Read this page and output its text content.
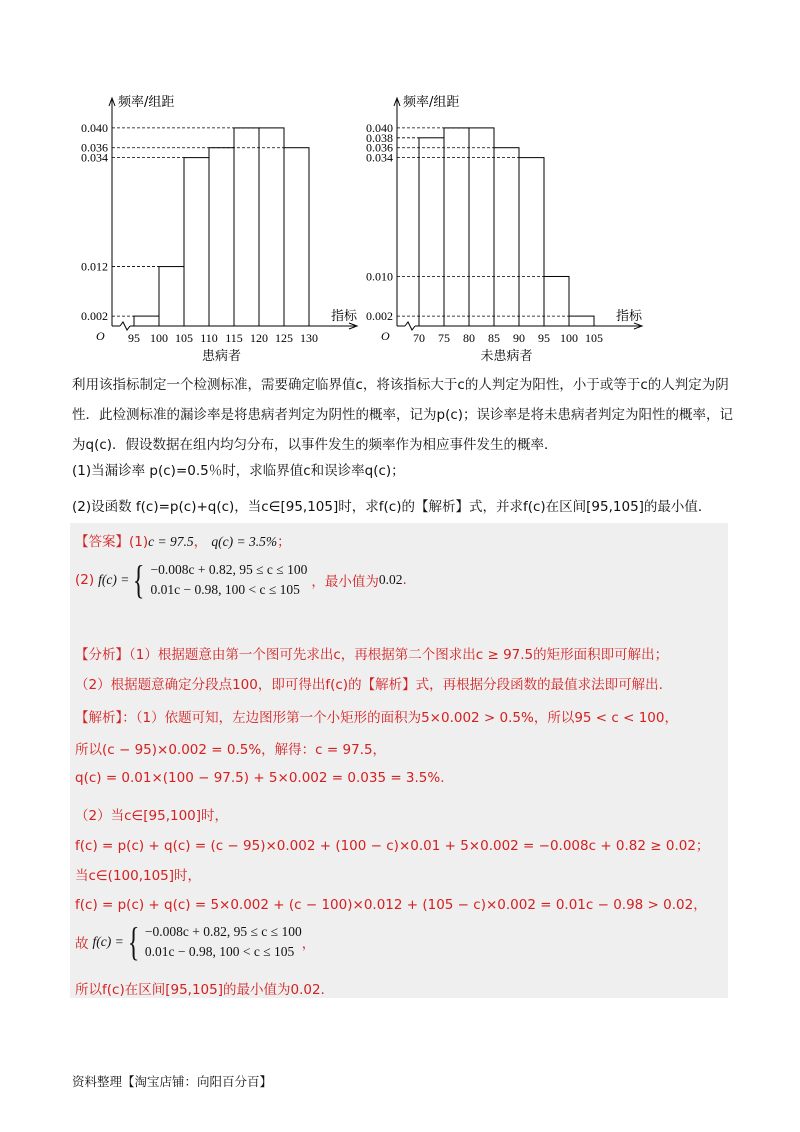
频率/组距
指标
O
0.040
0.036
0.034
0.012
0.002
95 100 105 110 115 120 125 130
患病者
频率/组距
指标
O
0.040
0.038
0.036
0.034
0.010
0.002
70 75 80 85 90 95 100 105
未患病者

利用该指标制定一个检测标准，需要确定临界值c，将该指标大于c的人判定为阳性，小于或等于c的人判定为阴性．此检测标准的漏诊率是将患病者判定为阴性的概率，记为p(c)；误诊率是将未患病者判定为阳性的概率，记为q(c)．假设数据在组内均匀分布，以事件发生的频率作为相应事件发生的概率．

(1)当漏诊率 p(c)=0.5％时，求临界值c和误诊率q(c)；

(2)设函数 f(c)=p(c)+q(c)，当c∈[95,105]时，求f(c)的【解析】式，并求f(c)在区间[95,105]的最小值．

【答案】(1)c = 97.5， q(c) = 3.5%；
(2) f(c) = { −0.008c + 0.82, 95 ≤ c ≤ 100
0.01c − 0.98, 100 < c ≤ 105 ，最小值为 0.02 .
【分析】（1）根据题意由第一个图可先求出c，再根据第二个图求出c ≥ 97.5的矩形面积即可解出；
（2）根据题意确定分段点100，即可得出f(c)的【解析】式，再根据分段函数的最值求法即可解出.
【解析】：（1）依题可知，左边图形第一个小矩形的面积为5×0.002 > 0.5%，所以95 < c < 100，
所以(c − 95)×0.002 = 0.5%，解得：c = 97.5，
q(c) = 0.01×(100 − 97.5) + 5×0.002 = 0.035 = 3.5%.
（2）当c∈[95,100]时，
f(c) = p(c) + q(c) = (c − 95)×0.002 + (100 − c)×0.01 + 5×0.002 = −0.008c + 0.82 ≥ 0.02；
当c∈(100,105]时，
f(c) = p(c) + q(c) = 5×0.002 + (c − 100)×0.012 + (105 − c)×0.002 = 0.01c − 0.98 > 0.02，
故 f(c) = { −0.008c + 0.82, 95 ≤ c ≤ 100
0.01c − 0.98, 100 < c ≤ 105 ，
所以f(c)在区间[95,105]的最小值为0.02.
资料整理【淘宝店铺：向阳百分百】
